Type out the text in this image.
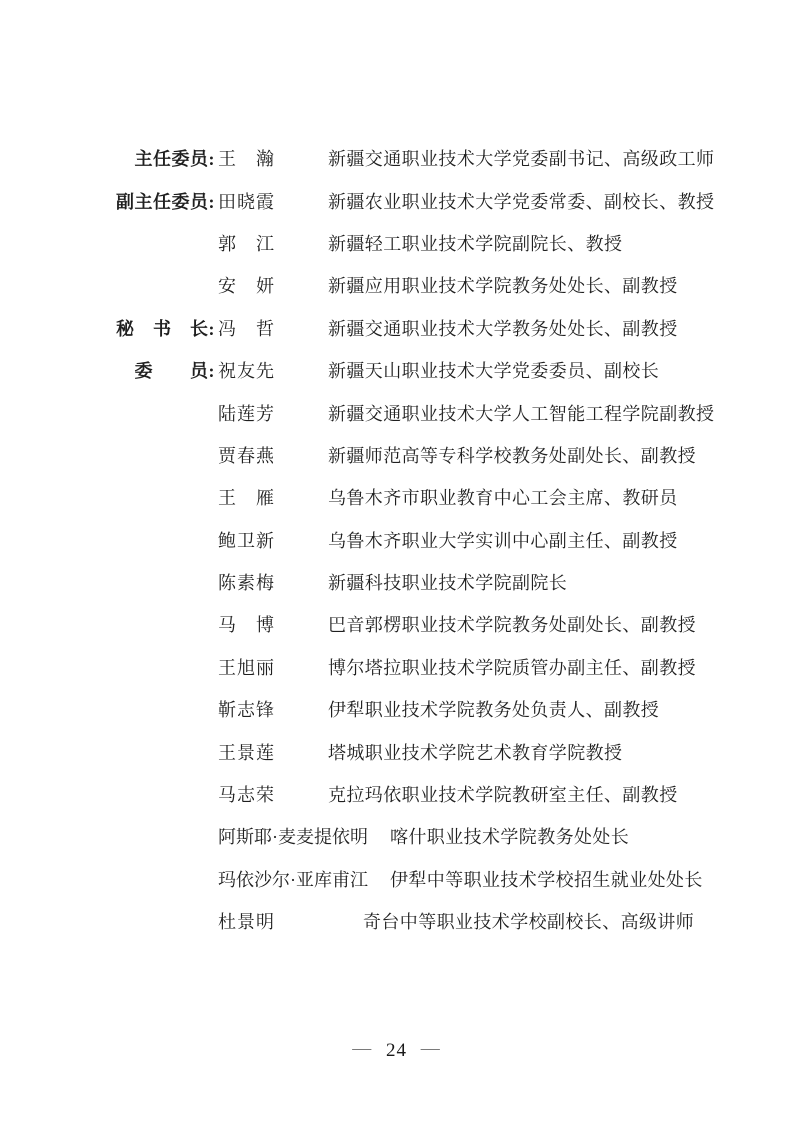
主任委员: 王　瀚	新疆交通职业技术大学党委副书记、高级政工师
副主任委员: 田晓霞	新疆农业职业技术大学党委常委、副校长、教授
郭　江	新疆轻工职业技术学院副院长、教授
安　妍	新疆应用职业技术学院教务处处长、副教授
秘　书　长: 冯　哲	新疆交通职业技术大学教务处处长、副教授
委　　员: 祝友先	新疆天山职业技术大学党委委员、副校长
陆莲芳	新疆交通职业技术大学人工智能工程学院副教授
贾春燕	新疆师范高等专科学校教务处副处长、副教授
王　雁	乌鲁木齐市职业教育中心工会主席、教研员
鲍卫新	乌鲁木齐职业大学实训中心副主任、副教授
陈素梅	新疆科技职业技术学院副院长
马　博	巴音郭楞职业技术学院教务处副处长、副教授
王旭丽	博尔塔拉职业技术学院质管办副主任、副教授
靳志锋	伊犁职业技术学院教务处负责人、副教授
王景莲	塔城职业技术学院艺术教育学院教授
马志荣	克拉玛依职业技术学院教研室主任、副教授
阿斯耶·麦麦提依明 喀什职业技术学院教务处处长
玛依沙尔·亚库甫江 伊犁中等职业技术学校招生就业处处长
杜景明	奇台中等职业技术学校副校长、高级讲师
— 24 —
